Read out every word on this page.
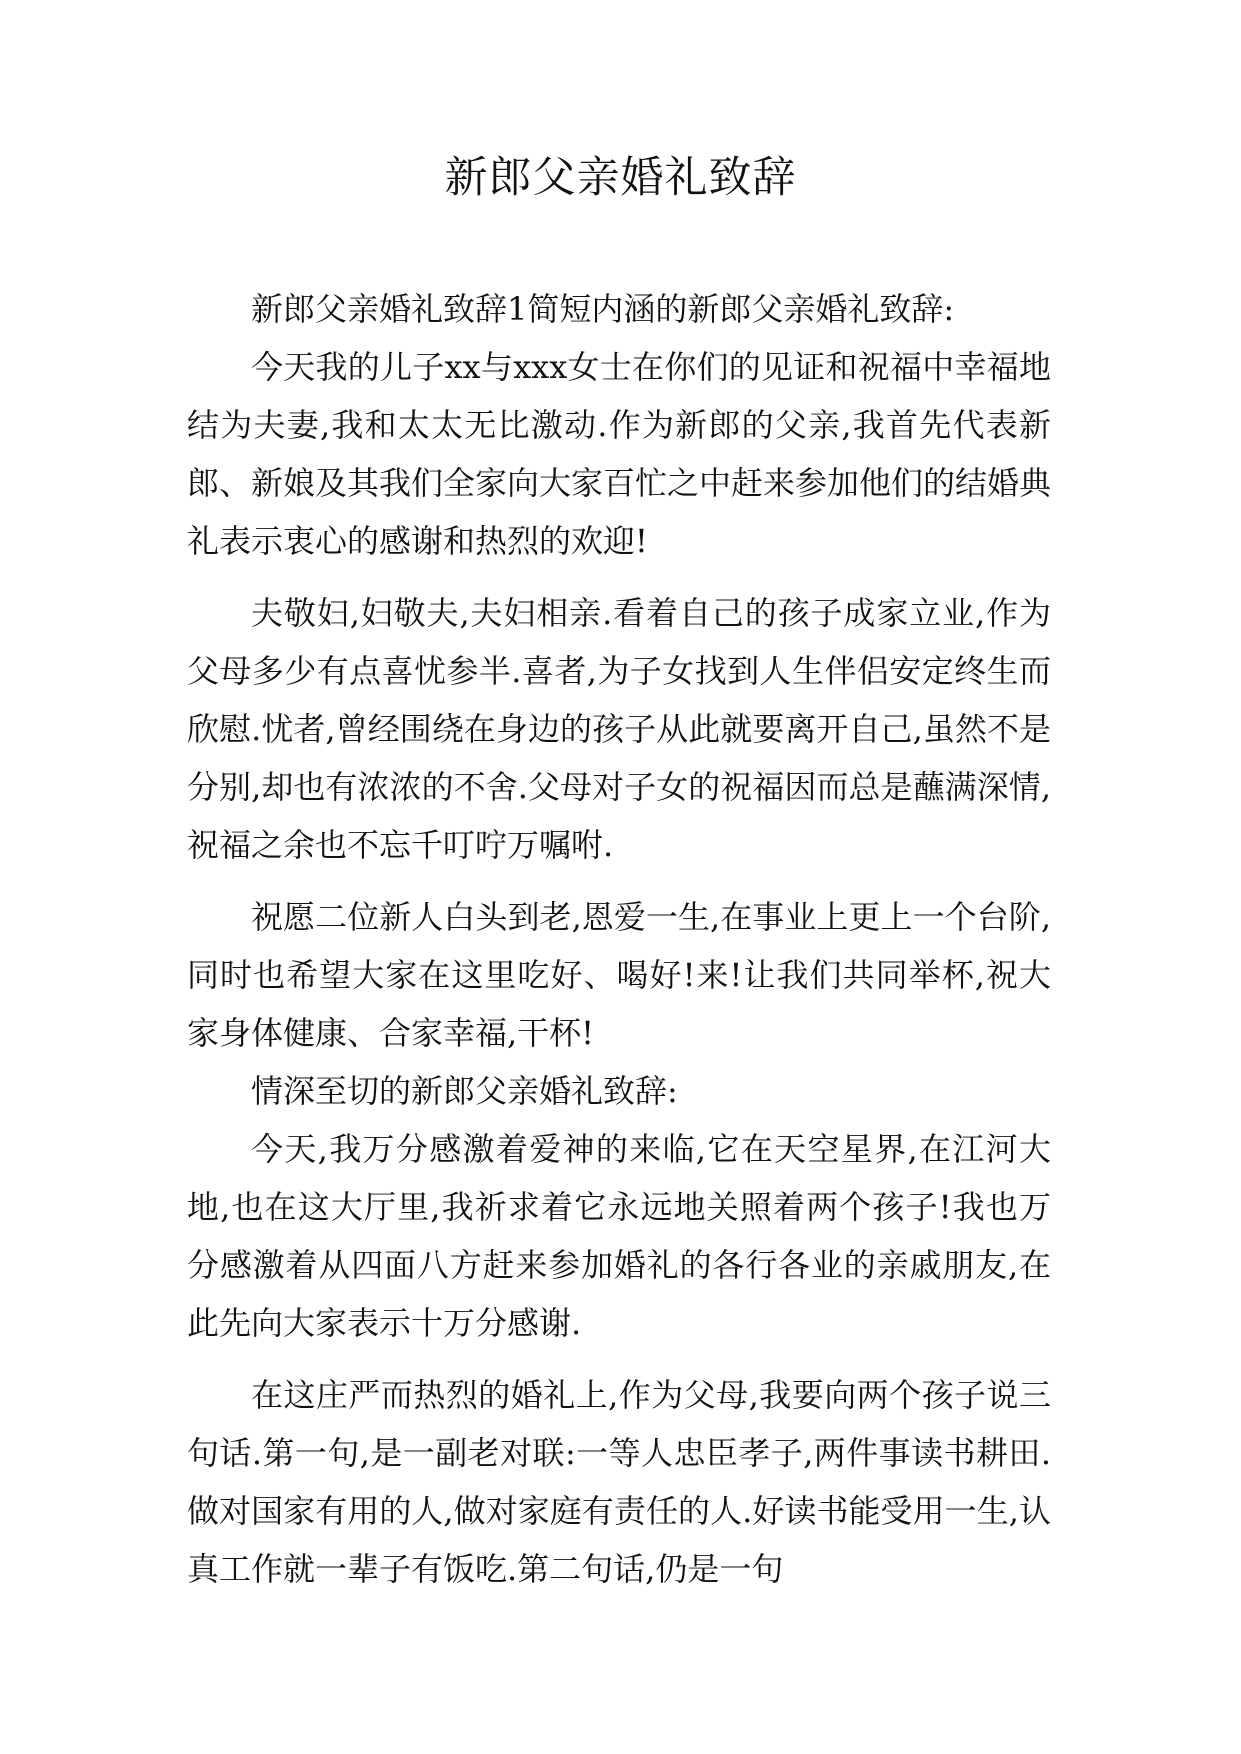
新郎父亲婚礼致辞

新郎父亲婚礼致辞1简短内涵的新郎父亲婚礼致辞:

今天我的儿子xx与xxx女士在你们的见证和祝福中幸福地结为夫妻,我和太太无比激动.作为新郎的父亲,我首先代表新郎、新娘及其我们全家向大家百忙之中赶来参加他们的结婚典礼表示衷心的感谢和热烈的欢迎!

夫敬妇,妇敬夫,夫妇相亲.看着自己的孩子成家立业,作为父母多少有点喜忧参半.喜者,为子女找到人生伴侣安定终生而欣慰.忧者,曾经围绕在身边的孩子从此就要离开自己,虽然不是分别,却也有浓浓的不舍.父母对子女的祝福因而总是蘸满深情,祝福之余也不忘千叮咛万嘱咐.

祝愿二位新人白头到老,恩爱一生,在事业上更上一个台阶,同时也希望大家在这里吃好、喝好!来!让我们共同举杯,祝大家身体健康、合家幸福,干杯!

情深至切的新郎父亲婚礼致辞:

今天,我万分感激着爱神的来临,它在天空星界,在江河大地,也在这大厅里,我祈求着它永远地关照着两个孩子!我也万分感激着从四面八方赶来参加婚礼的各行各业的亲戚朋友,在此先向大家表示十万分感谢.

在这庄严而热烈的婚礼上,作为父母,我要向两个孩子说三句话.第一句,是一副老对联:一等人忠臣孝子,两件事读书耕田.做对国家有用的人,做对家庭有责任的人.好读书能受用一生,认真工作就一辈子有饭吃.第二句话,仍是一句
